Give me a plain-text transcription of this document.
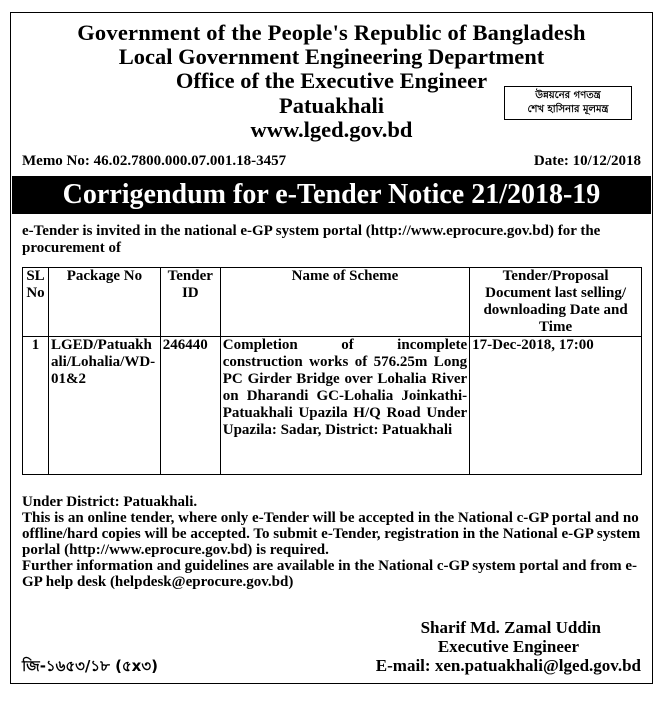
Government of the People's Republic of Bangladesh
Local Government Engineering Department
Office of the Executive Engineer
Patuakhali
www.lged.gov.bd
উন্নয়নের গণতন্ত্র
শেখ হাসিনার মূলমন্ত্র
Memo No: 46.02.7800.000.07.001.18-3457	Date: 10/12/2018
Corrigendum for e-Tender Notice 21/2018-19
e-Tender is invited in the national e-GP system portal (http://www.eprocure.gov.bd) for the procurement of
SL No	Package No	Tender ID	Name of Scheme	Tender/Proposal Document last selling/ downloading Date and Time
1	LGED/Patuakhali/Lohalia/WD-01&2	246440	Completion of incomplete construction works of 576.25m Long PC Girder Bridge over Lohalia River on Dharandi GC-Lohalia Joinkathi-Patuakhali Upazila H/Q Road Under Upazila: Sadar, District: Patuakhali	17-Dec-2018, 17:00

Under District: Patuakhali.

This is an online tender, where only e-Tender will be accepted in the National c-GP portal and no offline/hard copies will be accepted. To submit e-Tender, registration in the National e-GP system porlal (http://www.eprocure.gov.bd) is required.

Further information and guidelines are available in the National c-GP system portal and from e-GP help desk (helpdesk@eprocure.gov.bd)

Sharif Md. Zamal Uddin
Executive Engineer
E-mail: xen.patuakhali@lged.gov.bd
জি-১৬৫৩/১৮ (৫x৩)
